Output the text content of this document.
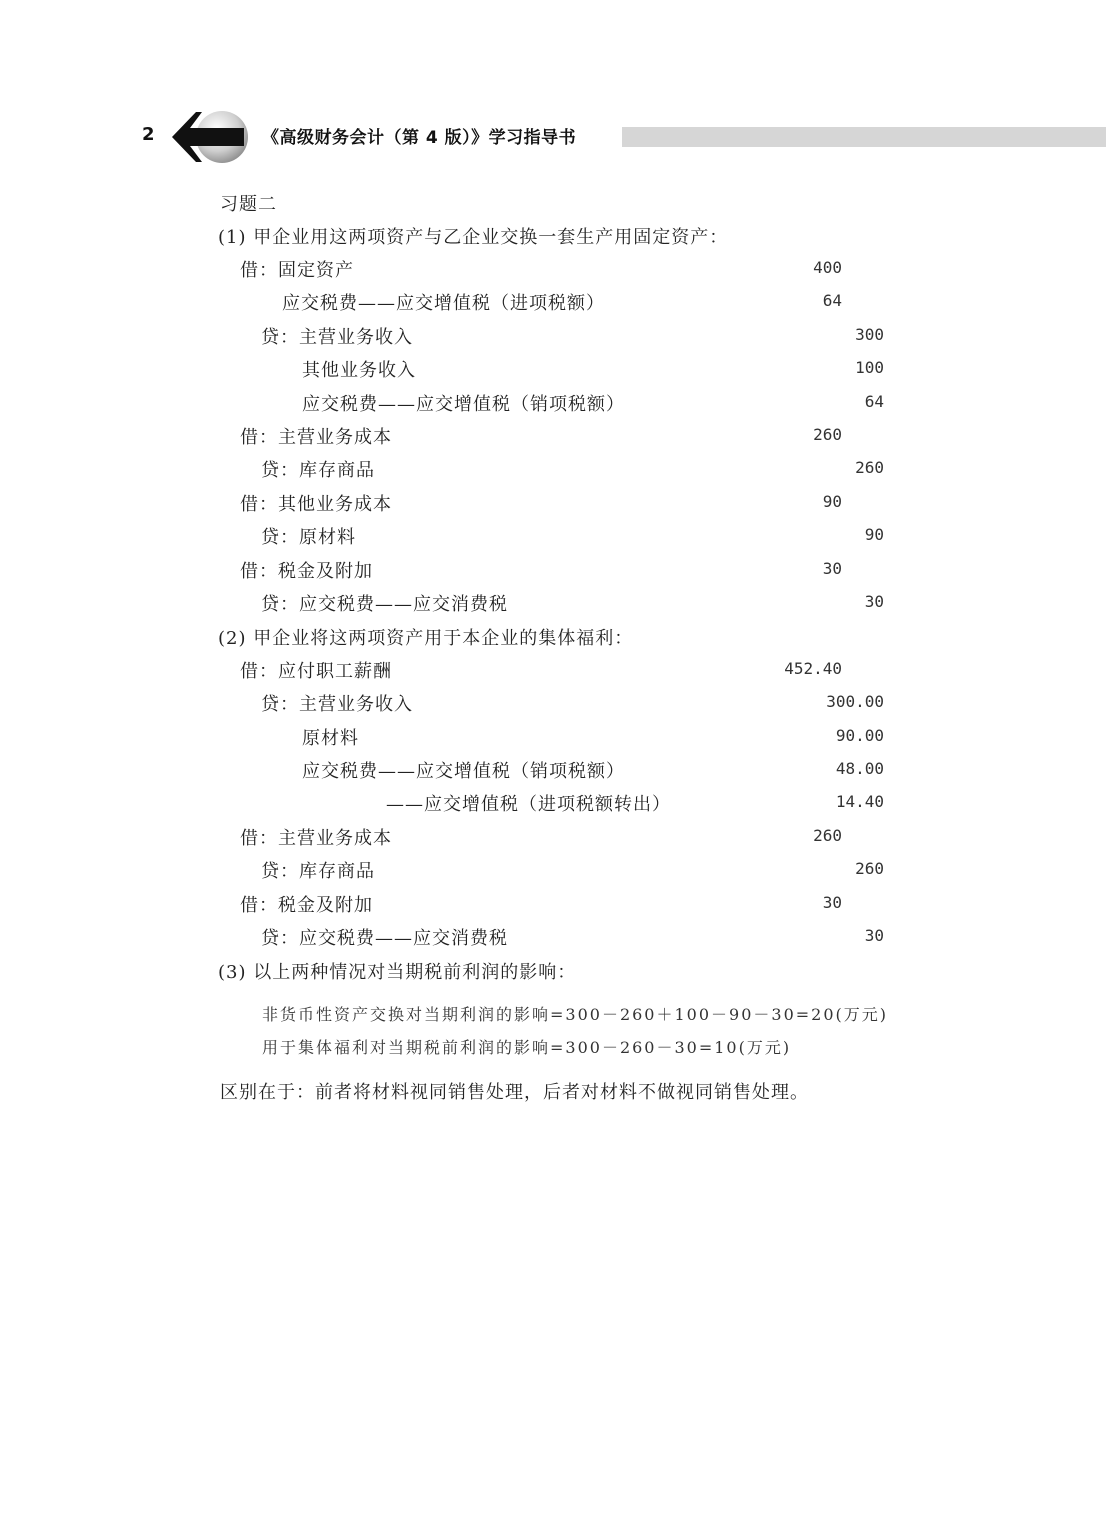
2	《高级财务会计（第 4 版）》学习指导书
习题二
(1) 甲企业用这两项资产与乙企业交换一套生产用固定资产：
借：固定资产	400
应交税费——应交增值税（进项税额）	64
贷：主营业务收入	300
其他业务收入	100
应交税费——应交增值税（销项税额）	64
借：主营业务成本	260
贷：库存商品	260
借：其他业务成本	90
贷：原材料	90
借：税金及附加	30
贷：应交税费——应交消费税	30
(2) 甲企业将这两项资产用于本企业的集体福利：
借：应付职工薪酬	452.40
贷：主营业务收入	300.00
原材料	90.00
应交税费——应交增值税（销项税额）	48.00
——应交增值税（进项税额转出）	14.40
借：主营业务成本	260
贷：库存商品	260
借：税金及附加	30
贷：应交税费——应交消费税	30
(3) 以上两种情况对当期税前利润的影响：
非货币性资产交换对当期利润的影响=300－260＋100－90－30=20(万元)
用于集体福利对当期税前利润的影响=300－260－30=10(万元)
区别在于：前者将材料视同销售处理，后者对材料不做视同销售处理。
